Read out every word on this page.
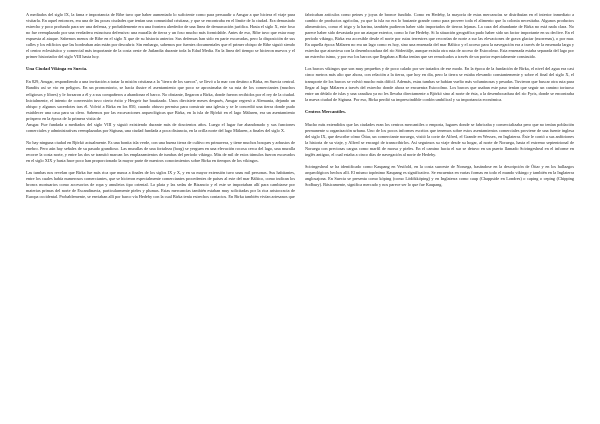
A mediados del siglo IX, la fama e importancia de Ribe tuvo que haber aumentado lo suficiente como para persuadir a Ansgar a que hiciera el viaje para visitarla. En aquel entonces, era una de las pocas ciudades que tenían una comunidad cristiana, y que se encontraba en el límite de la ciudad. Era demasiado estrecho y poco profundo para ser una defensa, y probablemente era una frontera alrededor de una línea de demarcación jurídica. Hasta el siglo X, este foso no fue reemplazado por una verdadera estructura defensiva: una muralla de tierra y un foso mucho más formidable. Antes de eso, Ribe tuvo que estar muy expuesta al ataque. Sabemos menos de Ribe en el siglo X que de su historia anterior. Sus defensas han sido en parte excavadas, pero la disposición de sus calles y los edificios que las bordeaban aún están por descubrir. Sin embargo, sabemos por fuentes documentales que el primer obispo de Ribe siguió siendo el centro eclesiástico y comercial más importante de la costa oeste de Jutlandia durante toda la Edad Media. En la línea del tiempo se hicieron nuevos y el primer historiador del siglo VIII hasta hoy.

Una Ciudad Vikinga en Suecia.

En 829, Ansgar, respondiendo a una invitación a tratar la misión cristiana a la "tierra de los suecos", se llevó a la mar con destino a Birka, en Suecia central. Bandits así se vio en peligros. En un promontorio, se hacía ilustre el asentamiento que poco se aproximaba de su ruta de los comerciantes (muchos religiosos y libres) y le forzaron a él y a sus compañeros a abandonar el barco. No obstante, llegaron a Birka, donde fueron recibidos por el rey de la ciudad. Inicialmente, el intento de conversión tuvo cierto éxito y Hergeir fue bautizado. Unos diecisiete meses después, Ansgar regresó a Alemania, dejando un obispo y algunos sacerdotes tras él. Volvió a Birka en los 850, cuando obtuvo permiso para construir una iglesia y se le concedió una tierra donde pudo establecer una casa para su clero. Sabemos por las excavaciones arqueológicas que Birka, en la isla de Björkö en el lago Mälaren, era un asentamiento próspero en la época de la primera visita de

Ansgar. Fue fundada a mediados del siglo VIII y siguió existiendo durante más de doscientos años. Luego el lugar fue abandonado y sus funciones comerciales y administrativas reemplazadas por Sigtuna, una ciudad fundada a poca distancia, en la orilla norte del lago Mälaren, a finales del siglo X.

No hay ninguna ciudad en Björkö actualmente. Es una bonita isla verde, con una buena tierra de cultivo en primavera, y tiene muchos bosques y arbustos de enebro. Pero aún hay señales de su pasado grandioso. Las murallas de una fortaleza (borg) se yerguen en una elevación rocosa cerca del lago, una muralla recorre la costa norte, y entre las dos se transitó marcan los emplazamientos de tumbas del período vikingo. Más de mil de estos túmulos fueron excavados en el siglo XIX y hasta hace poco han proporcionado la mayor parte de nuestros conocimientos sobre Birka en tiempos de los vikingos.

Las tumbas nos revelan que Birka fue más rica que nunca a finales de los siglos IX y X, y en su mayor extensión tuvo unas mil personas. Sus habitantes, entre los cuales había numerosos comerciantes, que se hicieron especialmente comerciantes procedentes de países al este del mar Báltico, como indican los broncs mortuarios como accesorios de ropa y amuletos tipo oriental. La plata y las sedas de Bizancio y el este se importaban allí para cambiarse por materias primas del norte de Escandinavia, particularmente pieles y plumas. Estas mercancías también estaban muy solicitadas por la rica aristocracia de Europa occidental. Probablemente, se enviaban allí por barco vía Hedeby con la cual Birka tenía estrechos contactos. En Birka también vivían artesanos que

fabricaban artículos como peines y joyas de bronce fundido. Como en Hedeby, la mayoría de estas mercancías se distribuían en el interior inmediato a cambio de productos agrícolas, ya que la isla no era lo bastante grande como para proveer toda el alimento que la colonia necesitaba. Algunos productos alimenticios, como el trigo y la harina, también pudieron haber sido importados de tierras lejanas. La caza del abundante de Birka no está nada clara. No parece haber sido devastada por un ataque exterior, como lo fue Hedeby. Si la situación geográfica pudo haber sido un factor importante en su declive. En el período vikingo, Birka era accesible desde el norte por rutas terrestres que recorrían de norte a sur las elevaciones de grava glaciar (morrenas), o por mar. En aquella época Mälaren no era un lago como es hoy, sino una ensenada del mar Báltico y el acceso para la navegación era a través de la ensenada larga y estrecha que atraviesa con la desembocadura del río Södertälje, aunque existía otra ruta de acceso de Estocolmo. Esta ensenada estaba separada del lago por un estrecho istmo, y por eso los barcos que llegaban a Birka tenían que ser remolcados a través de un portor especialmente construido.

Los barcos vikingos que son muy pequeños y de poco calado por ser tratados de ese modo. En la época de la fundación de Birka, el nivel del agua era casi cinco metros más alto que ahora, con relación a la tierra, que hoy en día, pero la tierra se estaba elevando constantemente y sobre el final del siglo X, el transporte de los barcos se volvió mucho más difícil. Además, estas tumbas se habían vuelto más voluminosas y pesadas. Tuvieron que buscar otra ruta para llegar al lago Mälaren a través del estrecho donde ahora se encuentra Estocolmo. Los barcos que usaban este paso tenían que seguir un camino tortuoso entre un dédalo de islas y una canaliza ya no les llevaba directamente a Björkö sino al norte de ésta, a la desembocadura del río Fyris, donde se encontraba la nueva ciudad de Sigtuna. Por eso, Birka perdió su imprescindible cordón umbilical y su importancia económica.

Centros Mercantiles.

Mucho más extendidos que las ciudades eran los centros mercantiles o emporia, lugares donde se fabricaba y comercializaba pero que no tenían población permanente u organización urbana. Uno de los pocos informes escritos que tenemos sobre estos asentamientos comerciales proviene de una fuente inglesa del siglo IX, que describe cómo Óttar, un comerciante noruego, visitó la corte de Alfred, el Grande en Wessex, en Inglaterra. Éste le contó a sus anfitriones la historia de su viaje, y Alfred se encargó de transcribirlos. Así seguimos su viaje desde su hogar, al norte de Noruega, hasta el extremo septentrional de Noruega con preciosas cargas como marfil de morsa y pieles. En el camino hacia el sur se detuvo en un puerto llamado Sciringesheal en el informe en inglés antiguo, el cual estaba a cinco días de navegación al norte de Hedeby.

Sciringesheal se ha identificado como Kaupang en Vestfold, en la costa suroeste de Noruega, basándose en la descripción de Óttar y en los hallazgos arqueológicos hechos allí. El mismo topónimo Kaupang es significativo. Se encuentra en varias formas en todo el mundo vikingo y también en la Inglaterra anglosajona. En Suecia se presenta como köping (como Lödökköping) y en Inglaterra como caup (Chappside en Londres) o caping o ceping (Chipping Sodbury). Básicamente, significa mercado y nos parece ser lo que fue Kaupang.
